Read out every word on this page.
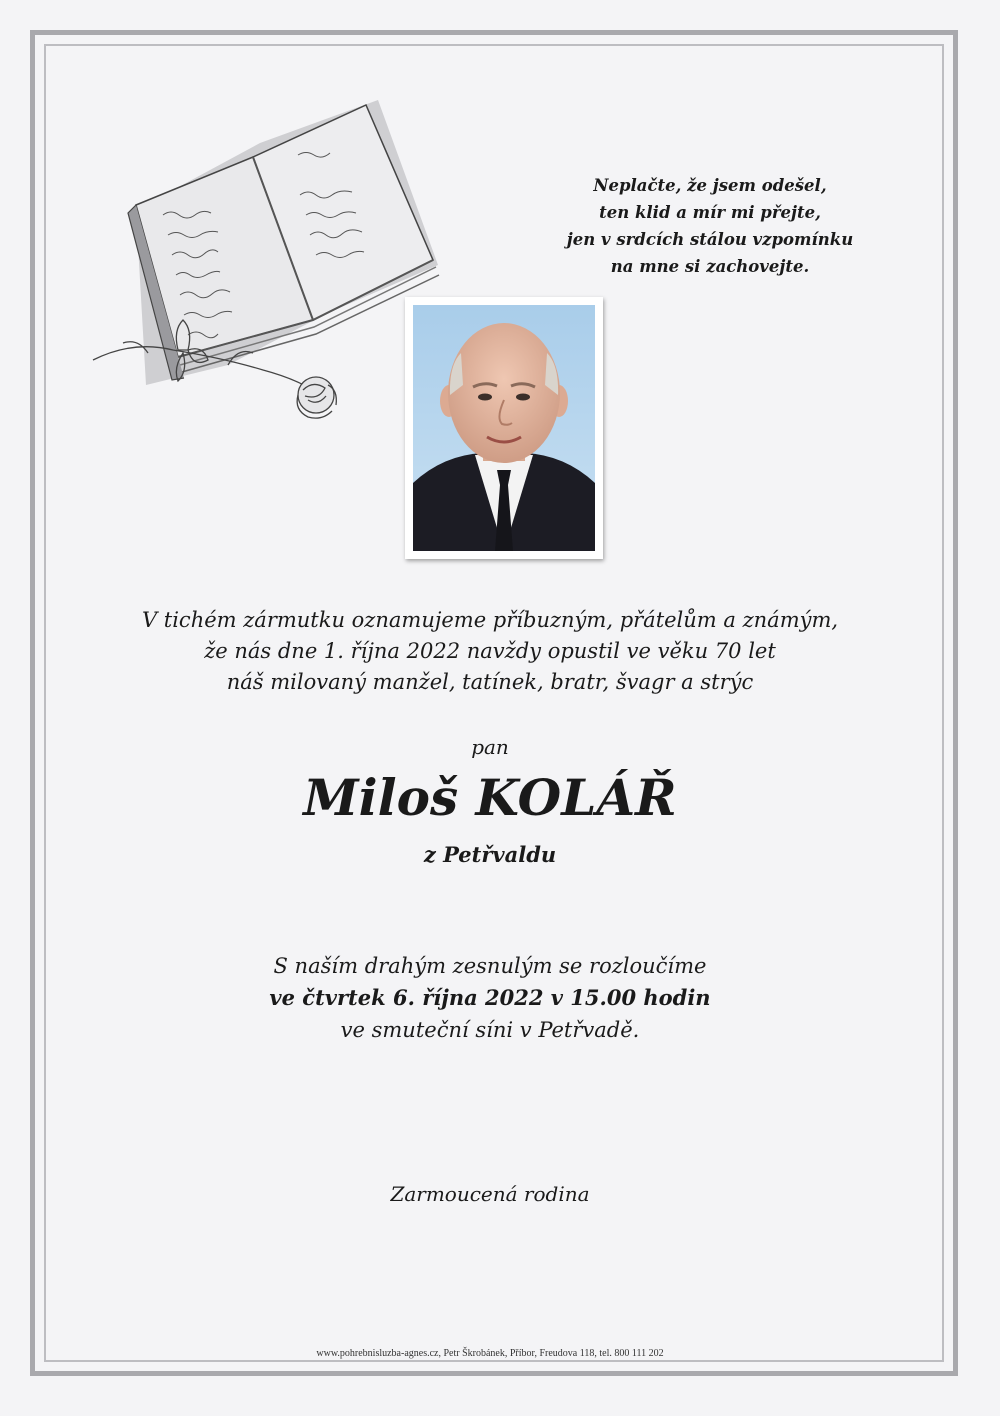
Neplačte, že jsem odešel,
ten klid a mír mi přejte,
jen v srdcích stálou vzpomínku
na mne si zachovejte.
V tichém zármutku oznamujeme příbuzným, přátelům a známým,
že nás dne 1. října 2022 navždy opustil ve věku 70 let
náš milovaný manžel, tatínek, bratr, švagr a strýc
pan
Miloš KOLÁŘ
z Petřvaldu
S naším drahým zesnulým se rozloučíme
ve čtvrtek 6. října 2022 v 15.00 hodin
ve smuteční síni v Petřvadě.
Zarmoucená rodina
www.pohrebnisluzba-agnes.cz, Petr Škrobánek, Příbor, Freudova 118, tel. 800 111 202
